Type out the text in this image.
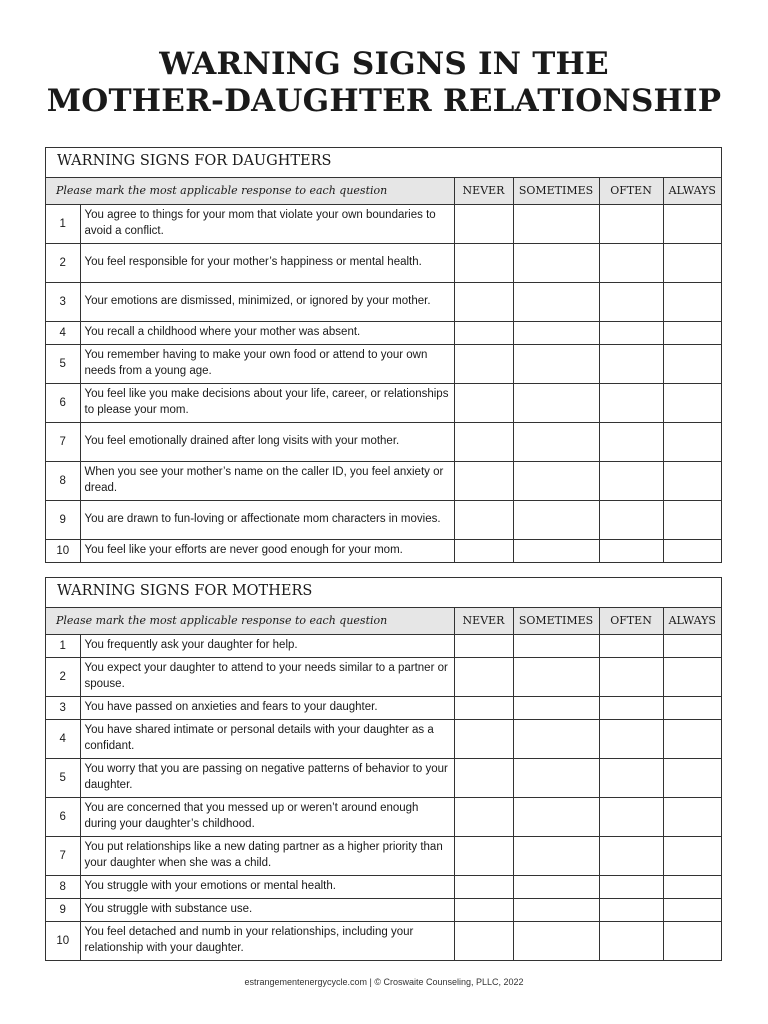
WARNING SIGNS IN THE
MOTHER-DAUGHTER RELATIONSHIP
WARNING SIGNS FOR DAUGHTERS
Please mark the most applicable response to each question		NEVER	SOMETIMES	OFTEN	ALWAYS
1	You agree to things for your mom that violate your own boundaries to avoid a conflict.				
2	You feel responsible for your mother’s happiness or mental health.				
3	Your emotions are dismissed, minimized, or ignored by your mother.				
4	You recall a childhood where your mother was absent.				
5	You remember having to make your own food or attend to your own needs from a young age.				
6	You feel like you make decisions about your life, career, or relationships to please your mom.				
7	You feel emotionally drained after long visits with your mother.				
8	When you see your mother’s name on the caller ID, you feel anxiety or dread.				
9	You are drawn to fun-loving or affectionate mom characters in movies.				
10	You feel like your efforts are never good enough for your mom.				
WARNING SIGNS FOR MOTHERS
Please mark the most applicable response to each question		NEVER	SOMETIMES	OFTEN	ALWAYS
1	You frequently ask your daughter for help.				
2	You expect your daughter to attend to your needs similar to a partner or spouse.				
3	You have passed on anxieties and fears to your daughter.				
4	You have shared intimate or personal details with your daughter as a confidant.				
5	You worry that you are passing on negative patterns of behavior to your daughter.				
6	You are concerned that you messed up or weren’t around enough during your daughter’s childhood.				
7	You put relationships like a new dating partner as a higher priority than your daughter when she was a child.				
8	You struggle with your emotions or mental health.				
9	You struggle with substance use.				
10	You feel detached and numb in your relationships, including your relationship with your daughter.				
estrangementenergycycle.com | © Croswaite Counseling, PLLC, 2022
